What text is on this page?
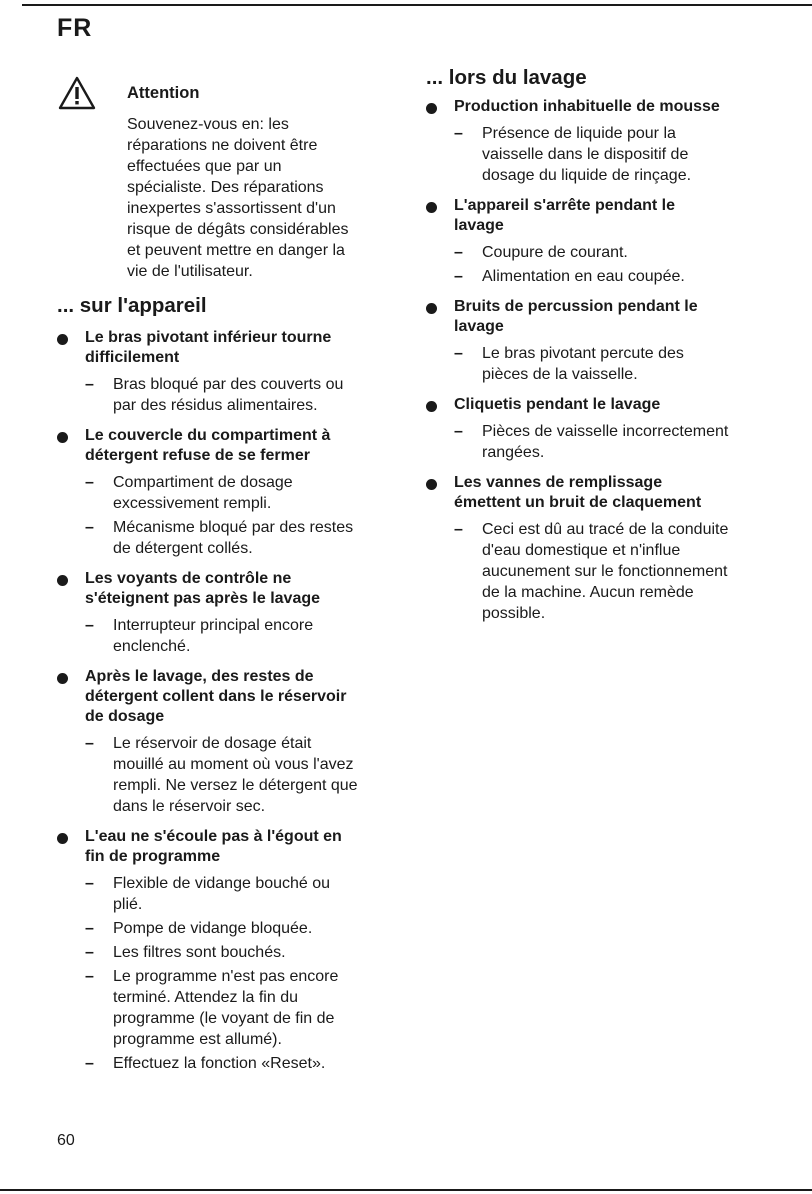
FR
Attention
Souvenez-vous en: les
réparations ne doivent être
effectuées que par un
spécialiste. Des réparations
inexpertes s'assortissent d'un
risque de dégâts considérables
et peuvent mettre en danger la
vie de l'utilisateur.
... sur l'appareil
Le bras pivotant inférieur tourne
difficilement
– Bras bloqué par des couverts ou
par des résidus alimentaires.
Le couvercle du compartiment à
détergent refuse de se fermer
– Compartiment de dosage
excessivement rempli.
– Mécanisme bloqué par des restes
de détergent collés.
Les voyants de contrôle ne
s'éteignent pas après le lavage
– Interrupteur principal encore
enclenché.
Après le lavage, des restes de
détergent collent dans le réservoir
de dosage
– Le réservoir de dosage était
mouillé au moment où vous l'avez
rempli. Ne versez le détergent que
dans le réservoir sec.
L'eau ne s'écoule pas à l'égout en
fin de programme
– Flexible de vidange bouché ou
plié.
– Pompe de vidange bloquée.
– Les filtres sont bouchés.
– Le programme n'est pas encore
terminé. Attendez la fin du
programme (le voyant de fin de
programme est allumé).
– Effectuez la fonction «Reset».
... lors du lavage
Production inhabituelle de mousse
– Présence de liquide pour la
vaisselle dans le dispositif de
dosage du liquide de rinçage.
L'appareil s'arrête pendant le
lavage
– Coupure de courant.
– Alimentation en eau coupée.
Bruits de percussion pendant le
lavage
– Le bras pivotant percute des
pièces de la vaisselle.
Cliquetis pendant le lavage
– Pièces de vaisselle incorrectement
rangées.
Les vannes de remplissage
émettent un bruit de claquement
– Ceci est dû au tracé de la conduite
d'eau domestique et n'influe
aucunement sur le fonctionnement
de la machine. Aucun remède
possible.
60
